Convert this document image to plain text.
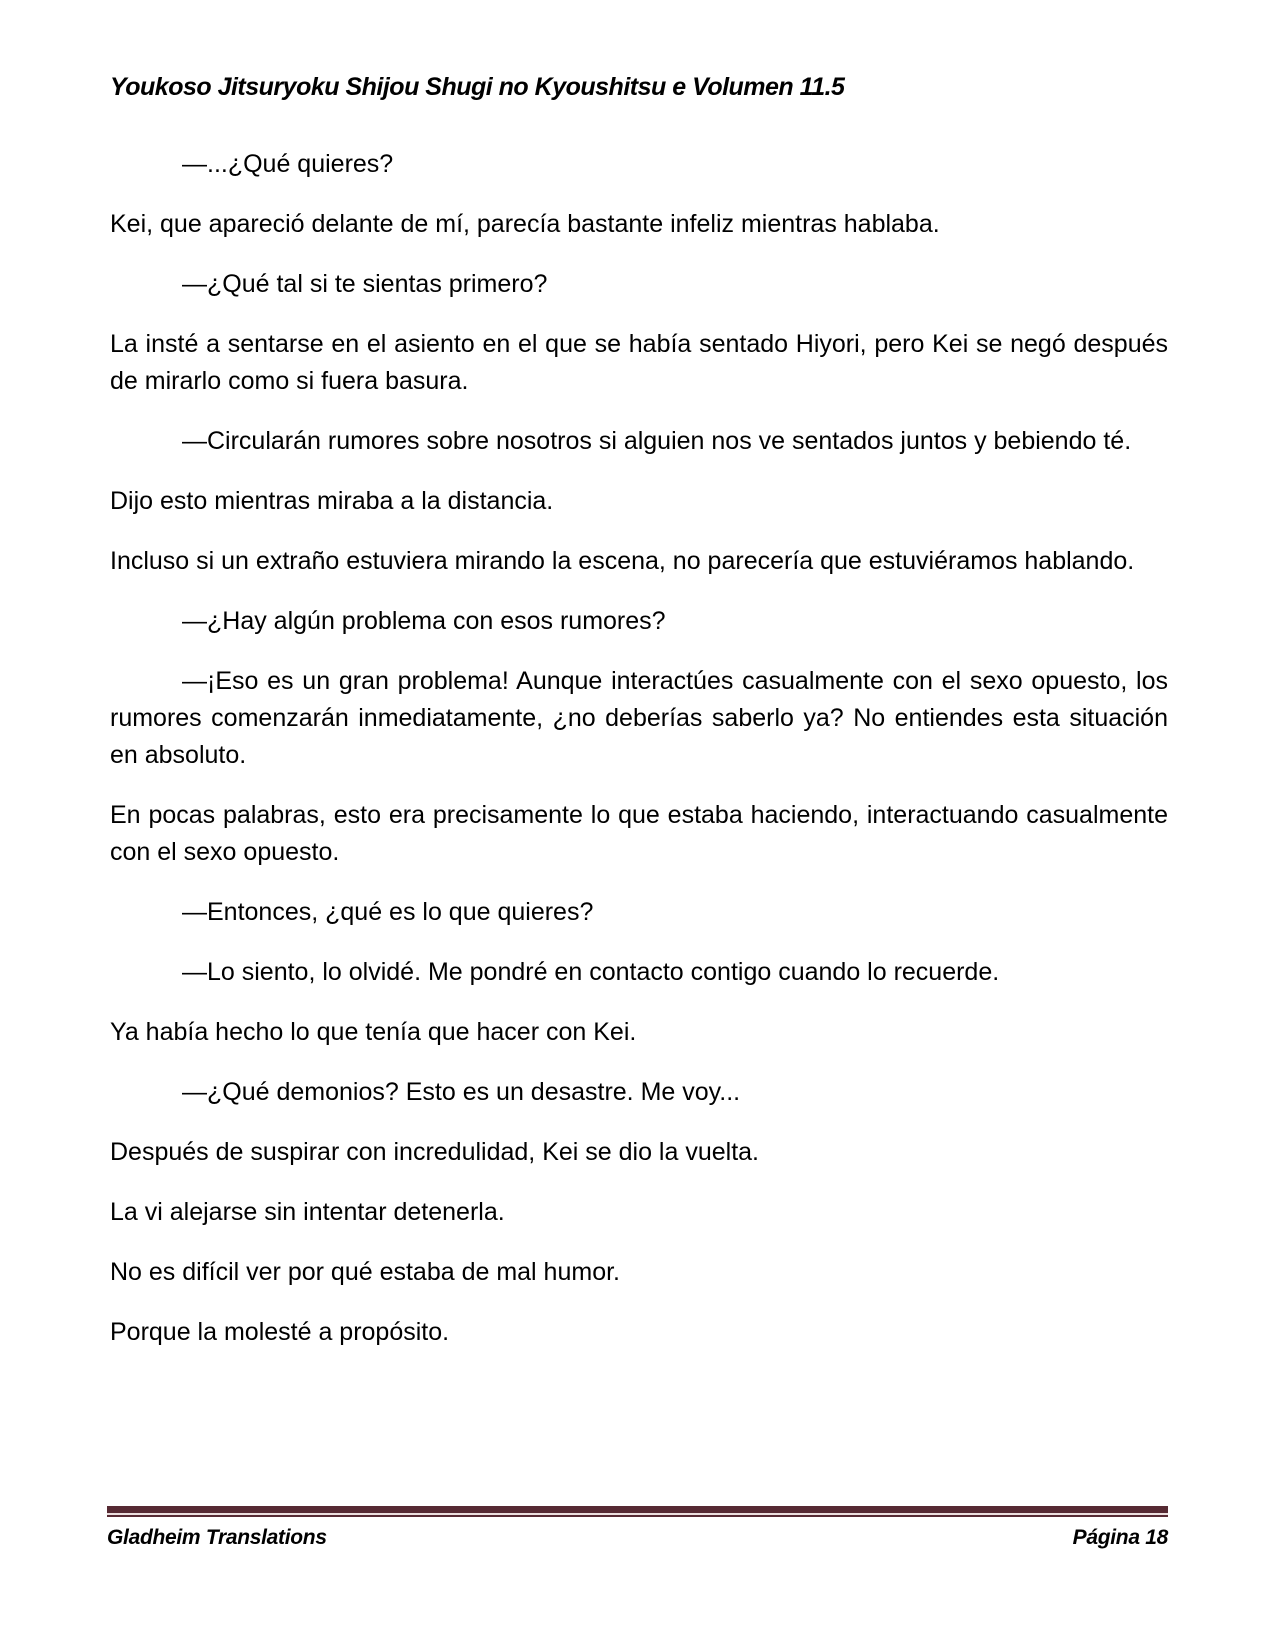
Youkoso Jitsuryoku Shijou Shugi no Kyoushitsu e Volumen 11.5

—...¿Qué quieres?

Kei, que apareció delante de mí, parecía bastante infeliz mientras hablaba.

—¿Qué tal si te sientas primero?

La insté a sentarse en el asiento en el que se había sentado Hiyori, pero Kei se negó después de mirarlo como si fuera basura.

—Circularán rumores sobre nosotros si alguien nos ve sentados juntos y bebiendo té.

Dijo esto mientras miraba a la distancia.

Incluso si un extraño estuviera mirando la escena, no parecería que estuviéramos hablando.

—¿Hay algún problema con esos rumores?

—¡Eso es un gran problema! Aunque interactúes casualmente con el sexo opuesto, los rumores comenzarán inmediatamente, ¿no deberías saberlo ya? No entiendes esta situación en absoluto.

En pocas palabras, esto era precisamente lo que estaba haciendo, interactuando casualmente con el sexo opuesto.

—Entonces, ¿qué es lo que quieres?

—Lo siento, lo olvidé. Me pondré en contacto contigo cuando lo recuerde.

Ya había hecho lo que tenía que hacer con Kei.

—¿Qué demonios? Esto es un desastre. Me voy...

Después de suspirar con incredulidad, Kei se dio la vuelta.

La vi alejarse sin intentar detenerla.

No es difícil ver por qué estaba de mal humor.

Porque la molesté a propósito.

Gladheim Translations	Página 18
